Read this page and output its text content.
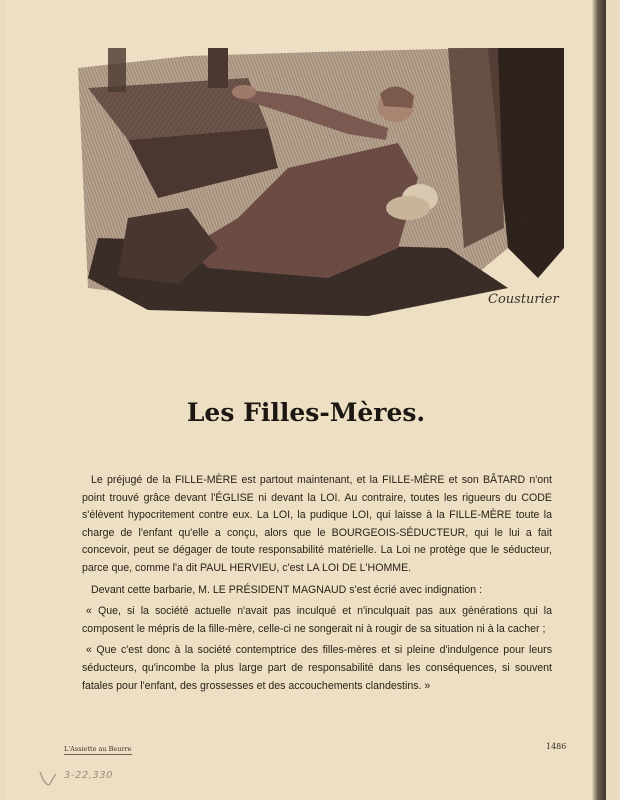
Cousturier
Les Filles-Mères.

Le préjugé de la FILLE-MÈRE est partout maintenant, et la FILLE-MÈRE et son BÂTARD n'ont point trouvé grâce devant l'ÉGLISE ni devant la LOI. Au contraire, toutes les rigueurs du CODE s'élèvent hypocritement contre eux. La LOI, la pudique LOI, qui laisse à la FILLE-MÈRE toute la charge de l'enfant qu'elle a conçu, alors que le BOURGEOIS-SÉDUCTEUR, qui le lui a fait concevoir, peut se dégager de toute responsabilité matérielle. La Loi ne protège que le séducteur, parce que, comme l'a dit PAUL HERVIEU, c'est LA LOI DE L'HOMME.

Devant cette barbarie, M. LE PRÉSIDENT MAGNAUD s'est écrié avec indignation :

« Que, si la société actuelle n'avait pas inculqué et n'inculquait pas aux générations qui la composent le mépris de la fille-mère, celle-ci ne songerait ni à rougir de sa situation ni à la cacher ;

« Que c'est donc à la société contemptrice des filles-mères et si pleine d'indulgence pour leurs séducteurs, qu'incombe la plus large part de responsabilité dans les conséquences, si souvent fatales pour l'enfant, des grossesses et des accouchements clandestins. »

L'Assiette au Beurre	1486
3-22,330
